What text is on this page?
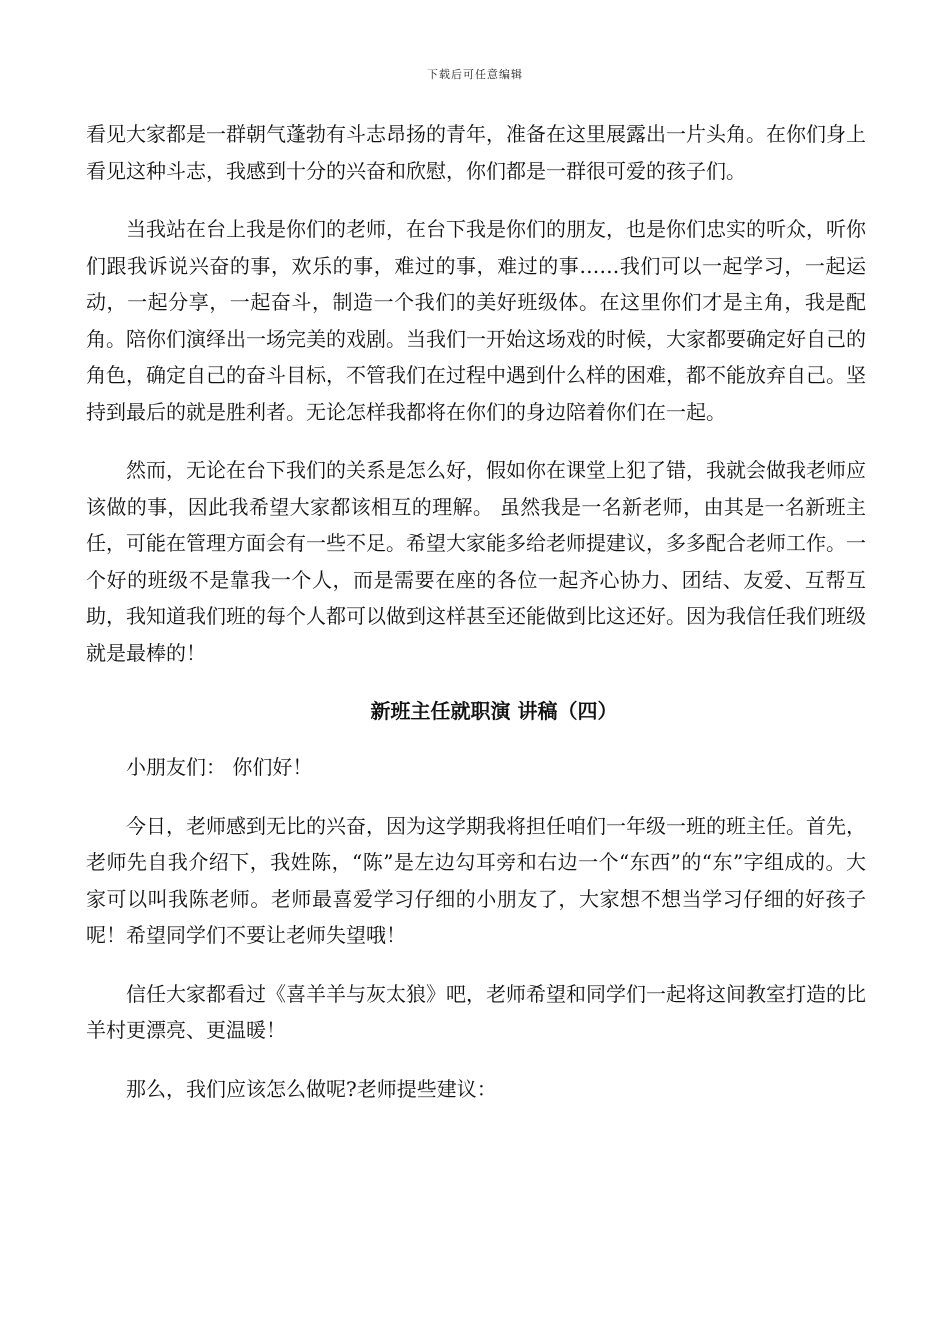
下载后可任意编辑

看见大家都是一群朝气蓬勃有斗志昂扬的青年，准备在这里展露出一片头角。在你们身上看见这种斗志，我感到十分的兴奋和欣慰，你们都是一群很可爱的孩子们。

当我站在台上我是你们的老师，在台下我是你们的朋友，也是你们忠实的听众，听你们跟我诉说兴奋的事，欢乐的事，难过的事，难过的事……我们可以一起学习，一起运动，一起分享，一起奋斗，制造一个我们的美好班级体。在这里你们才是主角，我是配角。陪你们演绎出一场完美的戏剧。当我们一开始这场戏的时候，大家都要确定好自己的角色，确定自己的奋斗目标，不管我们在过程中遇到什么样的困难，都不能放弃自己。坚持到最后的就是胜利者。无论怎样我都将在你们的身边陪着你们在一起。

然而，无论在台下我们的关系是怎么好，假如你在课堂上犯了错，我就会做我老师应该做的事，因此我希望大家都该相互的理解。 虽然我是一名新老师，由其是一名新班主任，可能在管理方面会有一些不足。希望大家能多给老师提建议，多多配合老师工作。一个好的班级不是靠我一个人，而是需要在座的各位一起齐心协力、团结、友爱、互帮互助，我知道我们班的每个人都可以做到这样甚至还能做到比这还好。因为我信任我们班级就是最棒的！

新班主任就职演 讲稿（四）

小朋友们： 你们好！

今日，老师感到无比的兴奋，因为这学期我将担任咱们一年级一班的班主任。首先，老师先自我介绍下，我姓陈，“陈”是左边勾耳旁和右边一个“东西”的“东”字组成的。大家可以叫我陈老师。老师最喜爱学习仔细的小朋友了，大家想不想当学习仔细的好孩子呢！希望同学们不要让老师失望哦！

信任大家都看过《喜羊羊与灰太狼》吧，老师希望和同学们一起将这间教室打造的比羊村更漂亮、更温暖！

那么，我们应该怎么做呢?老师提些建议：
